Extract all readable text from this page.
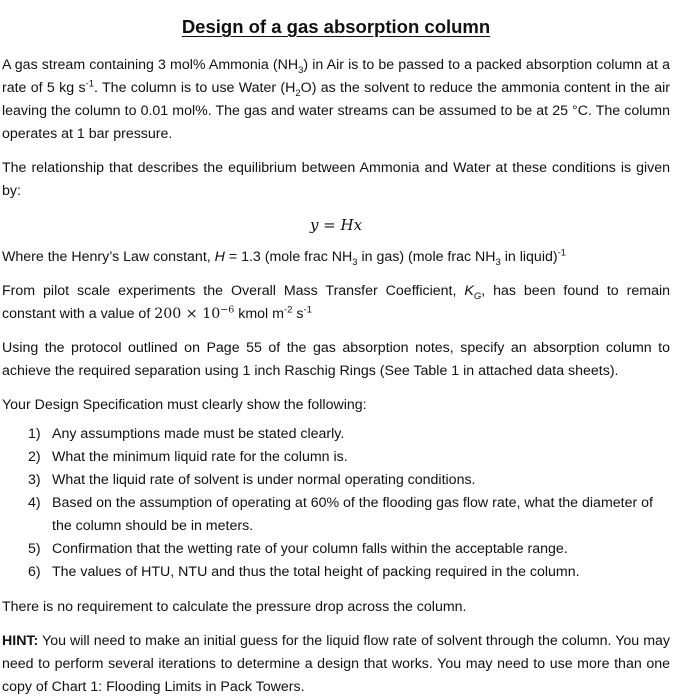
Design of a gas absorption column

A gas stream containing 3 mol% Ammonia $(NH_3)$ in Air is to be passed to a packed absorption column at a rate of 5 kg $s^{-1}$. The column is to use Water $(H_2O)$ as the solvent to reduce the ammonia content in the air leaving the column to 0.01 mol%. The gas and water streams can be assumed to be at 25 °C. The column operates at 1 bar pressure.

The relationship that describes the equilibrium between Ammonia and Water at these conditions is given by:

y = Hx

Where the Henry’s Law constant, H = 1.3 (mole frac $NH_3$ in gas) (mole frac $NH_3$ in liquid)$^{-1}$

From pilot scale experiments the Overall Mass Transfer Coefficient, $K_G$, has been found to remain constant with a value of $200 \times 10^{-6}$ kmol $m^{-2}$ $s^{-1}$

Using the protocol outlined on Page 55 of the gas absorption notes, specify an absorption column to achieve the required separation using 1 inch Raschig Rings (See Table 1 in attached data sheets).

Your Design Specification must clearly show the following:

1) Any assumptions made must be stated clearly.
2) What the minimum liquid rate for the column is.
3) What the liquid rate of solvent is under normal operating conditions.
4) Based on the assumption of operating at 60% of the flooding gas flow rate, what the diameter of the column should be in meters.
5) Confirmation that the wetting rate of your column falls within the acceptable range.
6) The values of HTU, NTU and thus the total height of packing required in the column.

There is no requirement to calculate the pressure drop across the column.

HINT: You will need to make an initial guess for the liquid flow rate of solvent through the column. You may need to perform several iterations to determine a design that works. You may need to use more than one copy of Chart 1: Flooding Limits in Pack Towers.
